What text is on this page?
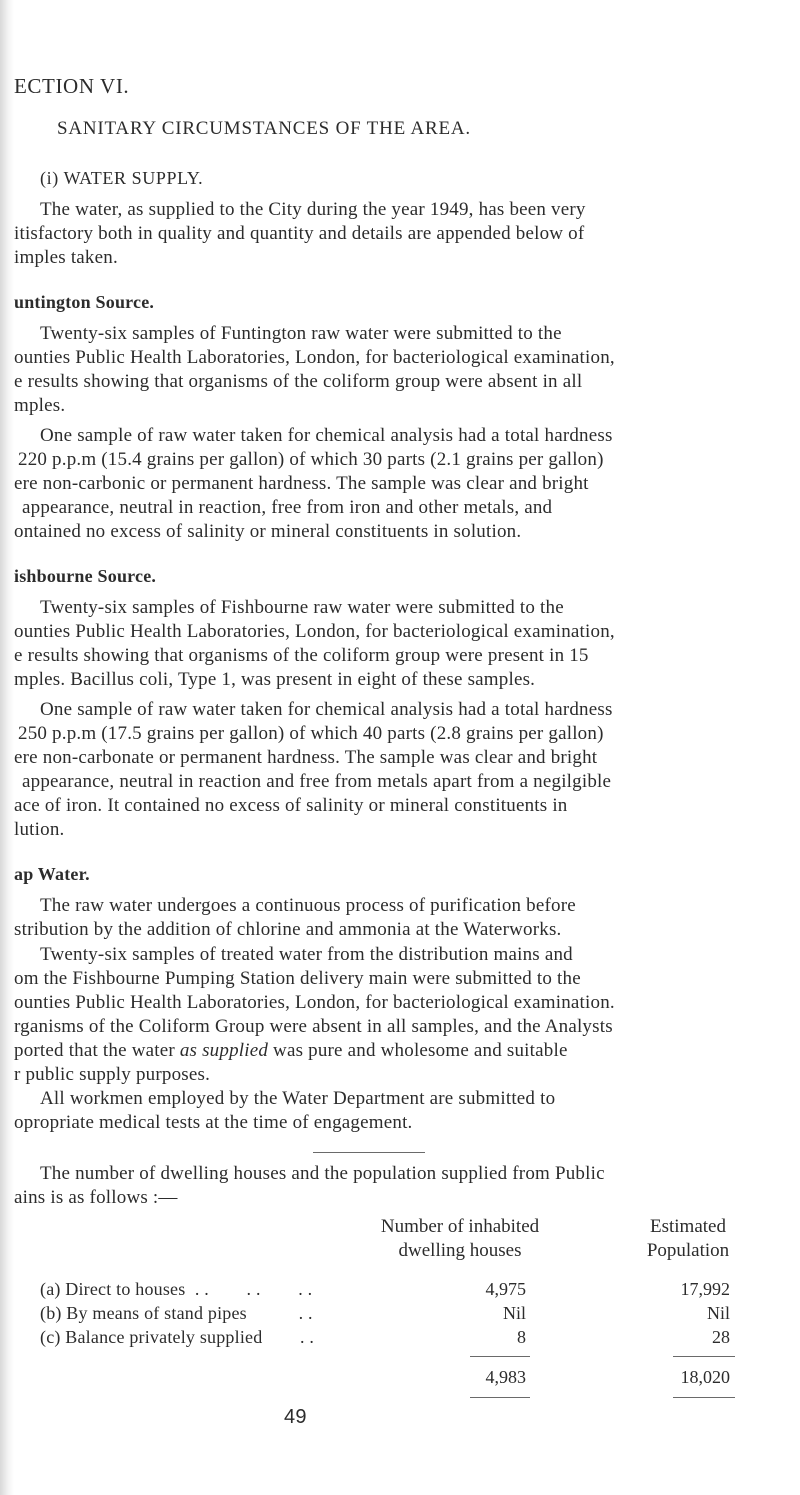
ECTION VI.
SANITARY CIRCUMSTANCES OF THE AREA.
(i) WATER SUPPLY.
The water, as supplied to the City during the year 1949, has been very
itisfactory both in quality and quantity and details are appended below of
imples taken.
untington Source.
Twenty-six samples of Funtington raw water were submitted to the
ounties Public Health Laboratories, London, for bacteriological examination,
e results showing that organisms of the coliform group were absent in all
mples.
One sample of raw water taken for chemical analysis had a total hardness
220 p.p.m (15.4 grains per gallon) of which 30 parts (2.1 grains per gallon)
ere non-carbonic or permanent hardness. The sample was clear and bright
appearance, neutral in reaction, free from iron and other metals, and
ontained no excess of salinity or mineral constituents in solution.
ishbourne Source.
Twenty-six samples of Fishbourne raw water were submitted to the
ounties Public Health Laboratories, London, for bacteriological examination,
e results showing that organisms of the coliform group were present in 15
mples. Bacillus coli, Type 1, was present in eight of these samples.
One sample of raw water taken for chemical analysis had a total hardness
250 p.p.m (17.5 grains per gallon) of which 40 parts (2.8 grains per gallon)
ere non-carbonate or permanent hardness. The sample was clear and bright
appearance, neutral in reaction and free from metals apart from a negilgible
ace of iron. It contained no excess of salinity or mineral constituents in
lution.
ap Water.
The raw water undergoes a continuous process of purification before
stribution by the addition of chlorine and ammonia at the Waterworks.
Twenty-six samples of treated water from the distribution mains and
om the Fishbourne Pumping Station delivery main were submitted to the
ounties Public Health Laboratories, London, for bacteriological examination.
rganisms of the Coliform Group were absent in all samples, and the Analysts
ported that the water as supplied was pure and wholesome and suitable
r public supply purposes.
All workmen employed by the Water Department are submitted to
opropriate medical tests at the time of engagement.
The number of dwelling houses and the population supplied from Public
ains is as follows :—
Number of inhabited
dwelling houses
Estimated
Population
(a) Direct to houses  . .        . .        . .	4,975	17,992
(b) By means of stand pipes           . .	Nil	Nil
(c) Balance privately supplied        . .	8	28
4,983	18,020
49
